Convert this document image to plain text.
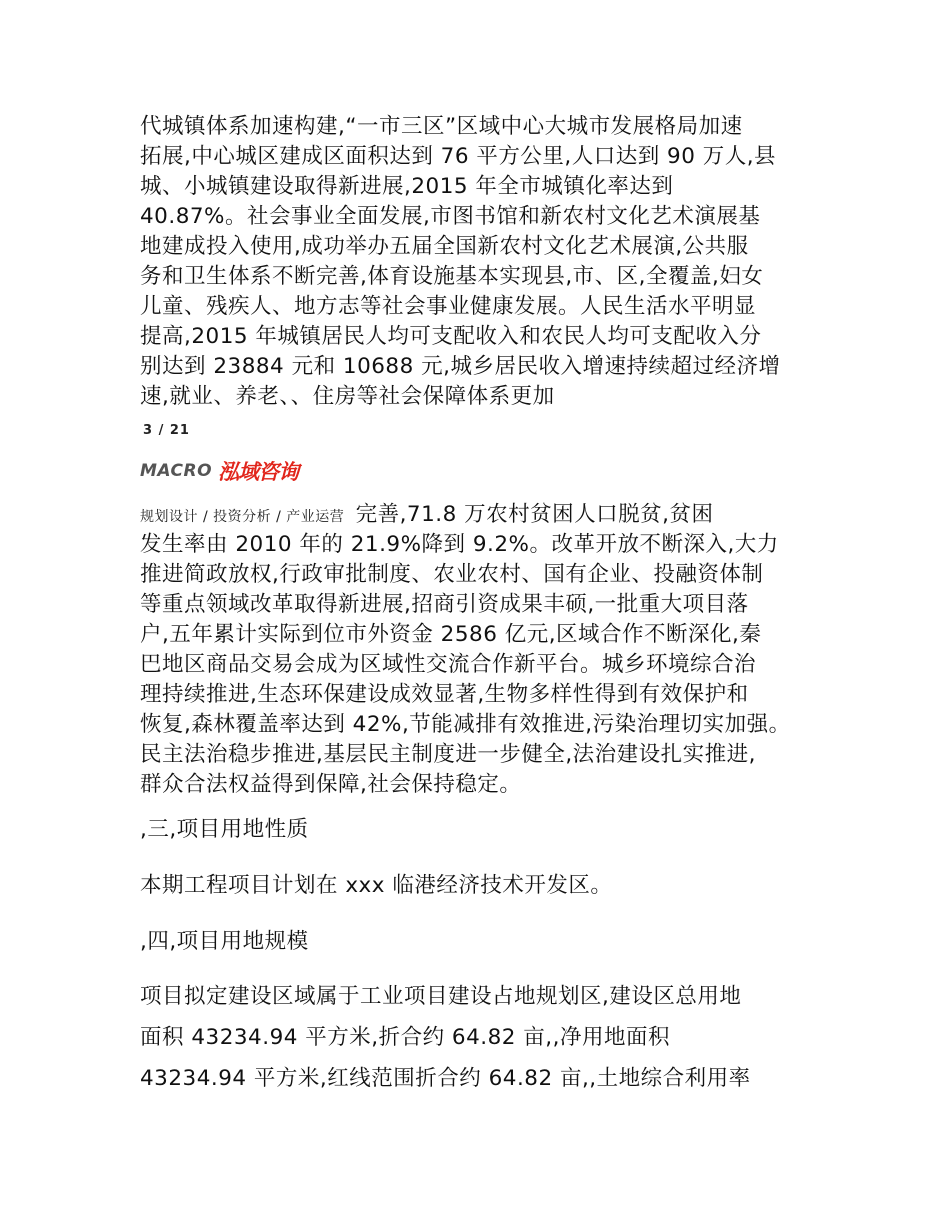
代城镇体系加速构建,“一市三区”区域中心大城市发展格局加速
拓展,中心城区建成区面积达到 76 平方公里,人口达到 90 万人,县
城、小城镇建设取得新进展,2015 年全市城镇化率达到
40.87%。社会事业全面发展,市图书馆和新农村文化艺术演展基
地建成投入使用,成功举办五届全国新农村文化艺术展演,公共服
务和卫生体系不断完善,体育设施基本实现县,市、区,全覆盖,妇女
儿童、残疾人、地方志等社会事业健康发展。人民生活水平明显
提高,2015 年城镇居民人均可支配收入和农民人均可支配收入分
别达到 23884 元和 10688 元,城乡居民收入增速持续超过经济增
速,就业、养老、、住房等社会保障体系更加
3 / 21
MACRO 泓域咨询
规划设计 / 投资分析 / 产业运营 完善,71.8 万农村贫困人口脱贫,贫困
发生率由 2010 年的 21.9%降到 9.2%。改革开放不断深入,大力
推进简政放权,行政审批制度、农业农村、国有企业、投融资体制
等重点领域改革取得新进展,招商引资成果丰硕,一批重大项目落
户,五年累计实际到位市外资金 2586 亿元,区域合作不断深化,秦
巴地区商品交易会成为区域性交流合作新平台。城乡环境综合治
理持续推进,生态环保建设成效显著,生物多样性得到有效保护和
恢复,森林覆盖率达到 42%,节能减排有效推进,污染治理切实加强。
民主法治稳步推进,基层民主制度进一步健全,法治建设扎实推进,
群众合法权益得到保障,社会保持稳定。
,三,项目用地性质
本期工程项目计划在 xxx 临港经济技术开发区。
,四,项目用地规模
项目拟定建设区域属于工业项目建设占地规划区,建设区总用地
面积 43234.94 平方米,折合约 64.82 亩,,净用地面积
43234.94 平方米,红线范围折合约 64.82 亩,,土地综合利用率
